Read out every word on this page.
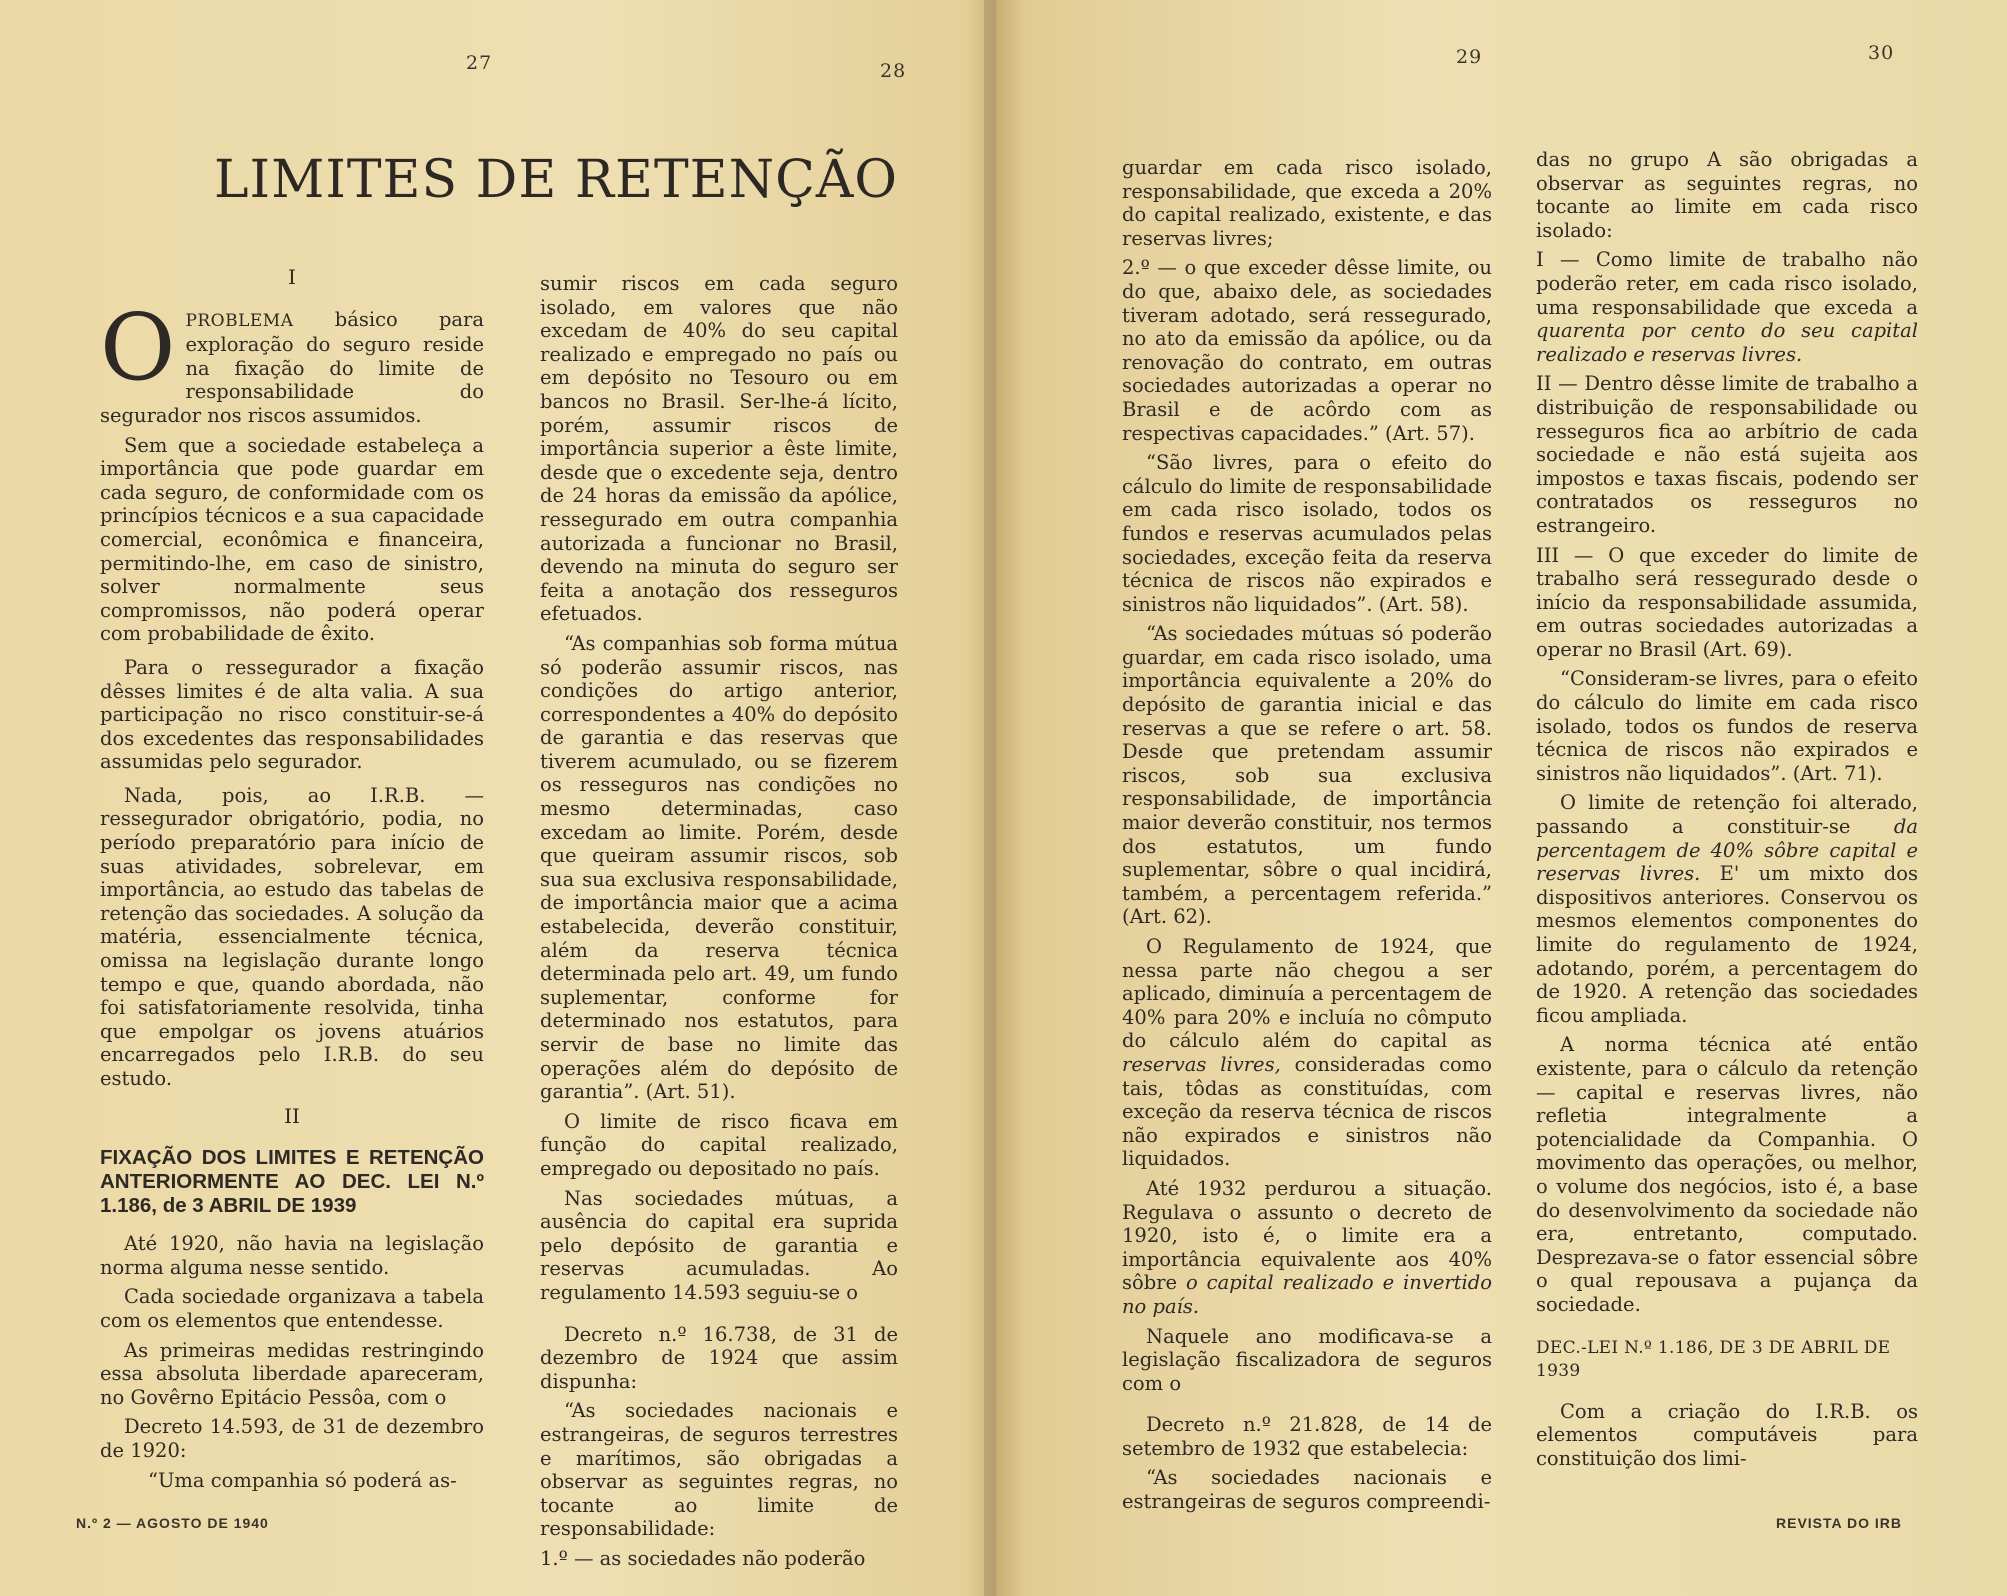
27	28
LIMITES DE RETENÇÃO
I

OPROBLEMA básico para exploração do seguro reside na fixação do limite de responsabilidade do segurador nos riscos assumidos.

Sem que a sociedade estabeleça a importância que pode guardar em cada seguro, de conformidade com os princípios técnicos e a sua capacidade comercial, econômica e financeira, permitindo-lhe, em caso de sinistro, solver normalmente seus compromissos, não poderá operar com probabilidade de êxito.

Para o ressegurador a fixação dêsses limites é de alta valia. A sua participação no risco constituir-se-á dos excedentes das responsabilidades assumidas pelo segurador.

Nada, pois, ao I.R.B. — ressegurador obrigatório, podia, no período preparatório para início de suas atividades, sobrelevar, em importância, ao estudo das tabelas de retenção das sociedades. A solução da matéria, essencialmente técnica, omissa na legislação durante longo tempo e que, quando abordada, não foi satisfatoriamente resolvida, tinha que empolgar os jovens atuários encarregados pelo I.R.B. do seu estudo.

II
FIXAÇÃO DOS LIMITES E RETENÇÃO ANTERIORMENTE AO DEC. LEI N.º 1.186, de 3 ABRIL DE 1939

Até 1920, não havia na legislação norma alguma nesse sentido.

Cada sociedade organizava a tabela com os elementos que entendesse.

As primeiras medidas restringindo essa absoluta liberdade apareceram, no Govêrno Epitácio Pessôa, com o

Decreto 14.593, de 31 de dezembro de 1920:

“Uma companhia só poderá as-

sumir riscos em cada seguro isolado, em valores que não excedam de 40% do seu capital realizado e empregado no país ou em depósito no Tesouro ou em bancos no Brasil. Ser-lhe-á lícito, porém, assumir riscos de importância superior a êste limite, desde que o excedente seja, dentro de 24 horas da emissão da apólice, ressegurado em outra companhia autorizada a funcionar no Brasil, devendo na minuta do seguro ser feita a anotação dos resseguros efetuados.

“As companhias sob forma mútua só poderão assumir riscos, nas condições do artigo anterior, correspondentes a 40% do depósito de garantia e das reservas que tiverem acumulado, ou se fizerem os resseguros nas condições no mesmo determinadas, caso excedam ao limite. Porém, desde que queiram assumir riscos, sob sua sua exclusiva responsabilidade, de importância maior que a acima estabelecida, deverão constituir, além da reserva técnica determinada pelo art. 49, um fundo suplementar, conforme for determinado nos estatutos, para servir de base no limite das operações além do depósito de garantia”. (Art. 51).

O limite de risco ficava em função do capital realizado, empregado ou depositado no país.

Nas sociedades mútuas, a ausência do capital era suprida pelo depósito de garantia e reservas acumuladas. Ao regulamento 14.593 seguiu-se o

Decreto n.º 16.738, de 31 de dezembro de 1924 que assim dispunha:

“As sociedades nacionais e estrangeiras, de seguros terrestres e marítimos, são obrigadas a observar as seguintes regras, no tocante ao limite de responsabilidade:

1.º — as sociedades não poderão

N.º 2 — AGOSTO DE 1940
29	30

guardar em cada risco isolado, responsabilidade, que exceda a 20% do capital realizado, existente, e das reservas livres;

2.º — o que exceder dêsse limite, ou do que, abaixo dele, as sociedades tiveram adotado, será ressegurado, no ato da emissão da apólice, ou da renovação do contrato, em outras sociedades autorizadas a operar no Brasil e de acôrdo com as respectivas capacidades.” (Art. 57).

“São livres, para o efeito do cálculo do limite de responsabilidade em cada risco isolado, todos os fundos e reservas acumulados pelas sociedades, exceção feita da reserva técnica de riscos não expirados e sinistros não liquidados”. (Art. 58).

“As sociedades mútuas só poderão guardar, em cada risco isolado, uma importância equivalente a 20% do depósito de garantia inicial e das reservas a que se refere o art. 58. Desde que pretendam assumir riscos, sob sua exclusiva responsabilidade, de importância maior deverão constituir, nos termos dos estatutos, um fundo suplementar, sôbre o qual incidirá, também, a percentagem referida.” (Art. 62).

O Regulamento de 1924, que nessa parte não chegou a ser aplicado, diminuía a percentagem de 40% para 20% e incluía no cômputo do cálculo além do capital as reservas livres, consideradas como tais, tôdas as constituídas, com exceção da reserva técnica de riscos não expirados e sinistros não liquidados.

Até 1932 perdurou a situação. Regulava o assunto o decreto de 1920, isto é, o limite era a importância equivalente aos 40% sôbre o capital realizado e invertido no país.

Naquele ano modificava-se a legislação fiscalizadora de seguros com o

Decreto n.º 21.828, de 14 de setembro de 1932 que estabelecia:

“As sociedades nacionais e estrangeiras de seguros compreendi-

das no grupo A são obrigadas a observar as seguintes regras, no tocante ao limite em cada risco isolado:

I — Como limite de trabalho não poderão reter, em cada risco isolado, uma responsabilidade que exceda a quarenta por cento do seu capital realizado e reservas livres.

II — Dentro dêsse limite de trabalho a distribuição de responsabilidade ou resseguros fica ao arbítrio de cada sociedade e não está sujeita aos impostos e taxas fiscais, podendo ser contratados os resseguros no estrangeiro.

III — O que exceder do limite de trabalho será ressegurado desde o início da responsabilidade assumida, em outras sociedades autorizadas a operar no Brasil (Art. 69).

“Consideram-se livres, para o efeito do cálculo do limite em cada risco isolado, todos os fundos de reserva técnica de riscos não expirados e sinistros não liquidados”. (Art. 71).

O limite de retenção foi alterado, passando a constituir-se da percentagem de 40% sôbre capital e reservas livres. E' um mixto dos dispositivos anteriores. Conservou os mesmos elementos componentes do limite do regulamento de 1924, adotando, porém, a percentagem do de 1920. A retenção das sociedades ficou ampliada.

A norma técnica até então existente, para o cálculo da retenção — capital e reservas livres, não refletia integralmente a potencialidade da Companhia. O movimento das operações, ou melhor, o volume dos negócios, isto é, a base do desenvolvimento da sociedade não era, entretanto, computado. Desprezava-se o fator essencial sôbre o qual repousava a pujança da sociedade.

DEC.-LEI N.º 1.186, DE 3 DE ABRIL DE 1939

Com a criação do I.R.B. os elementos computáveis para constituição dos limi-

REVISTA DO IRB
